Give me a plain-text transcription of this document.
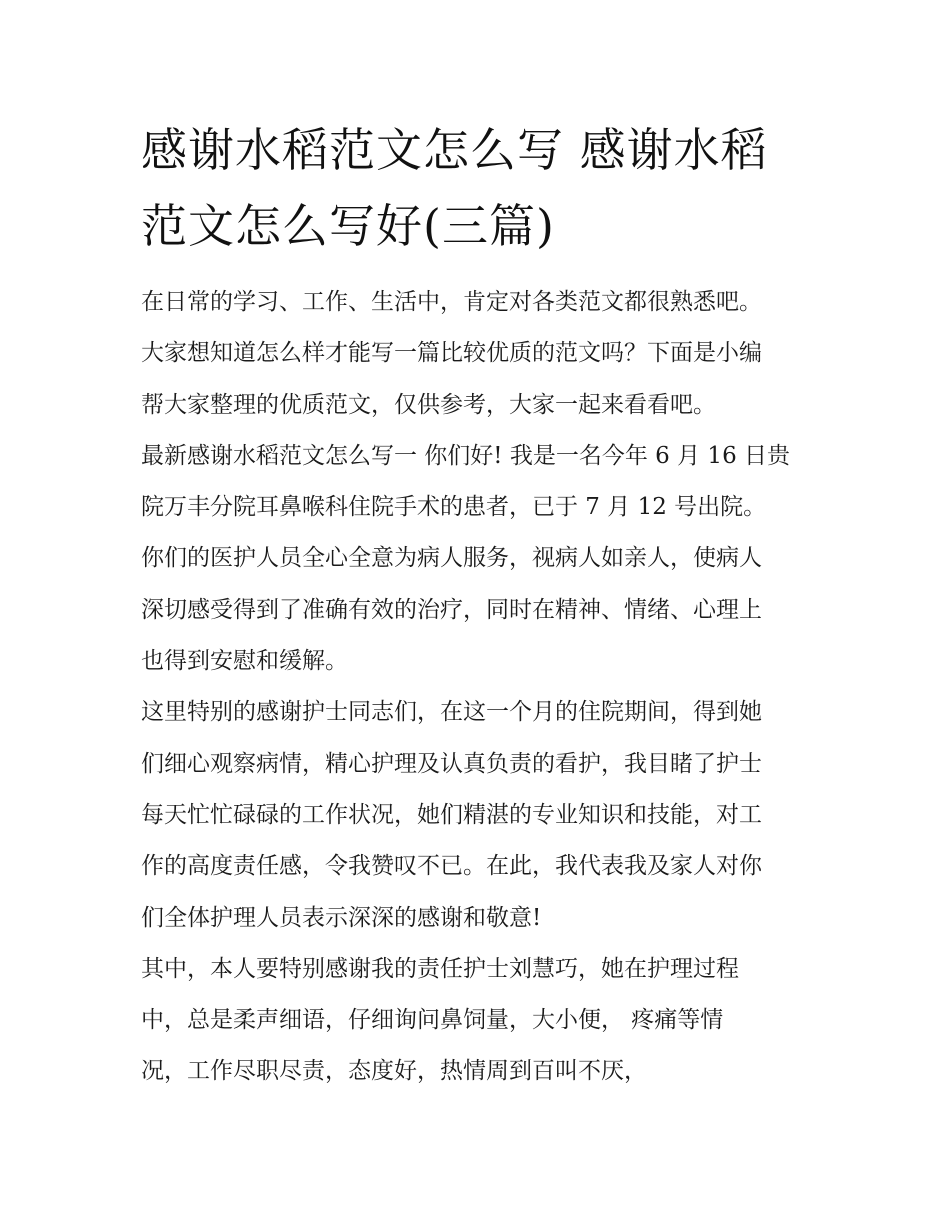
感谢水稻范文怎么写 感谢水稻
范文怎么写好(三篇)

在日常的学习、工作、生活中，肯定对各类范文都很熟悉吧。
大家想知道怎么样才能写一篇比较优质的范文吗？下面是小编
帮大家整理的优质范文，仅供参考，大家一起来看看吧。

最新感谢水稻范文怎么写一 你们好! 我是一名今年 6 月 16 日贵
院万丰分院耳鼻喉科住院手术的患者，已于 7 月 12 号出院。
你们的医护人员全心全意为病人服务，视病人如亲人，使病人
深切感受得到了准确有效的治疗，同时在精神、情绪、心理上
也得到安慰和缓解。

这里特别的感谢护士同志们，在这一个月的住院期间，得到她
们细心观察病情，精心护理及认真负责的看护，我目睹了护士
每天忙忙碌碌的工作状况，她们精湛的专业知识和技能，对工
作的高度责任感，令我赞叹不已。在此，我代表我及家人对你
们全体护理人员表示深深的感谢和敬意!

其中，本人要特别感谢我的责任护士刘慧巧，她在护理过程
中，总是柔声细语，仔细询问鼻饲量，大小便， 疼痛等情
况，工作尽职尽责，态度好，热情周到百叫不厌，
